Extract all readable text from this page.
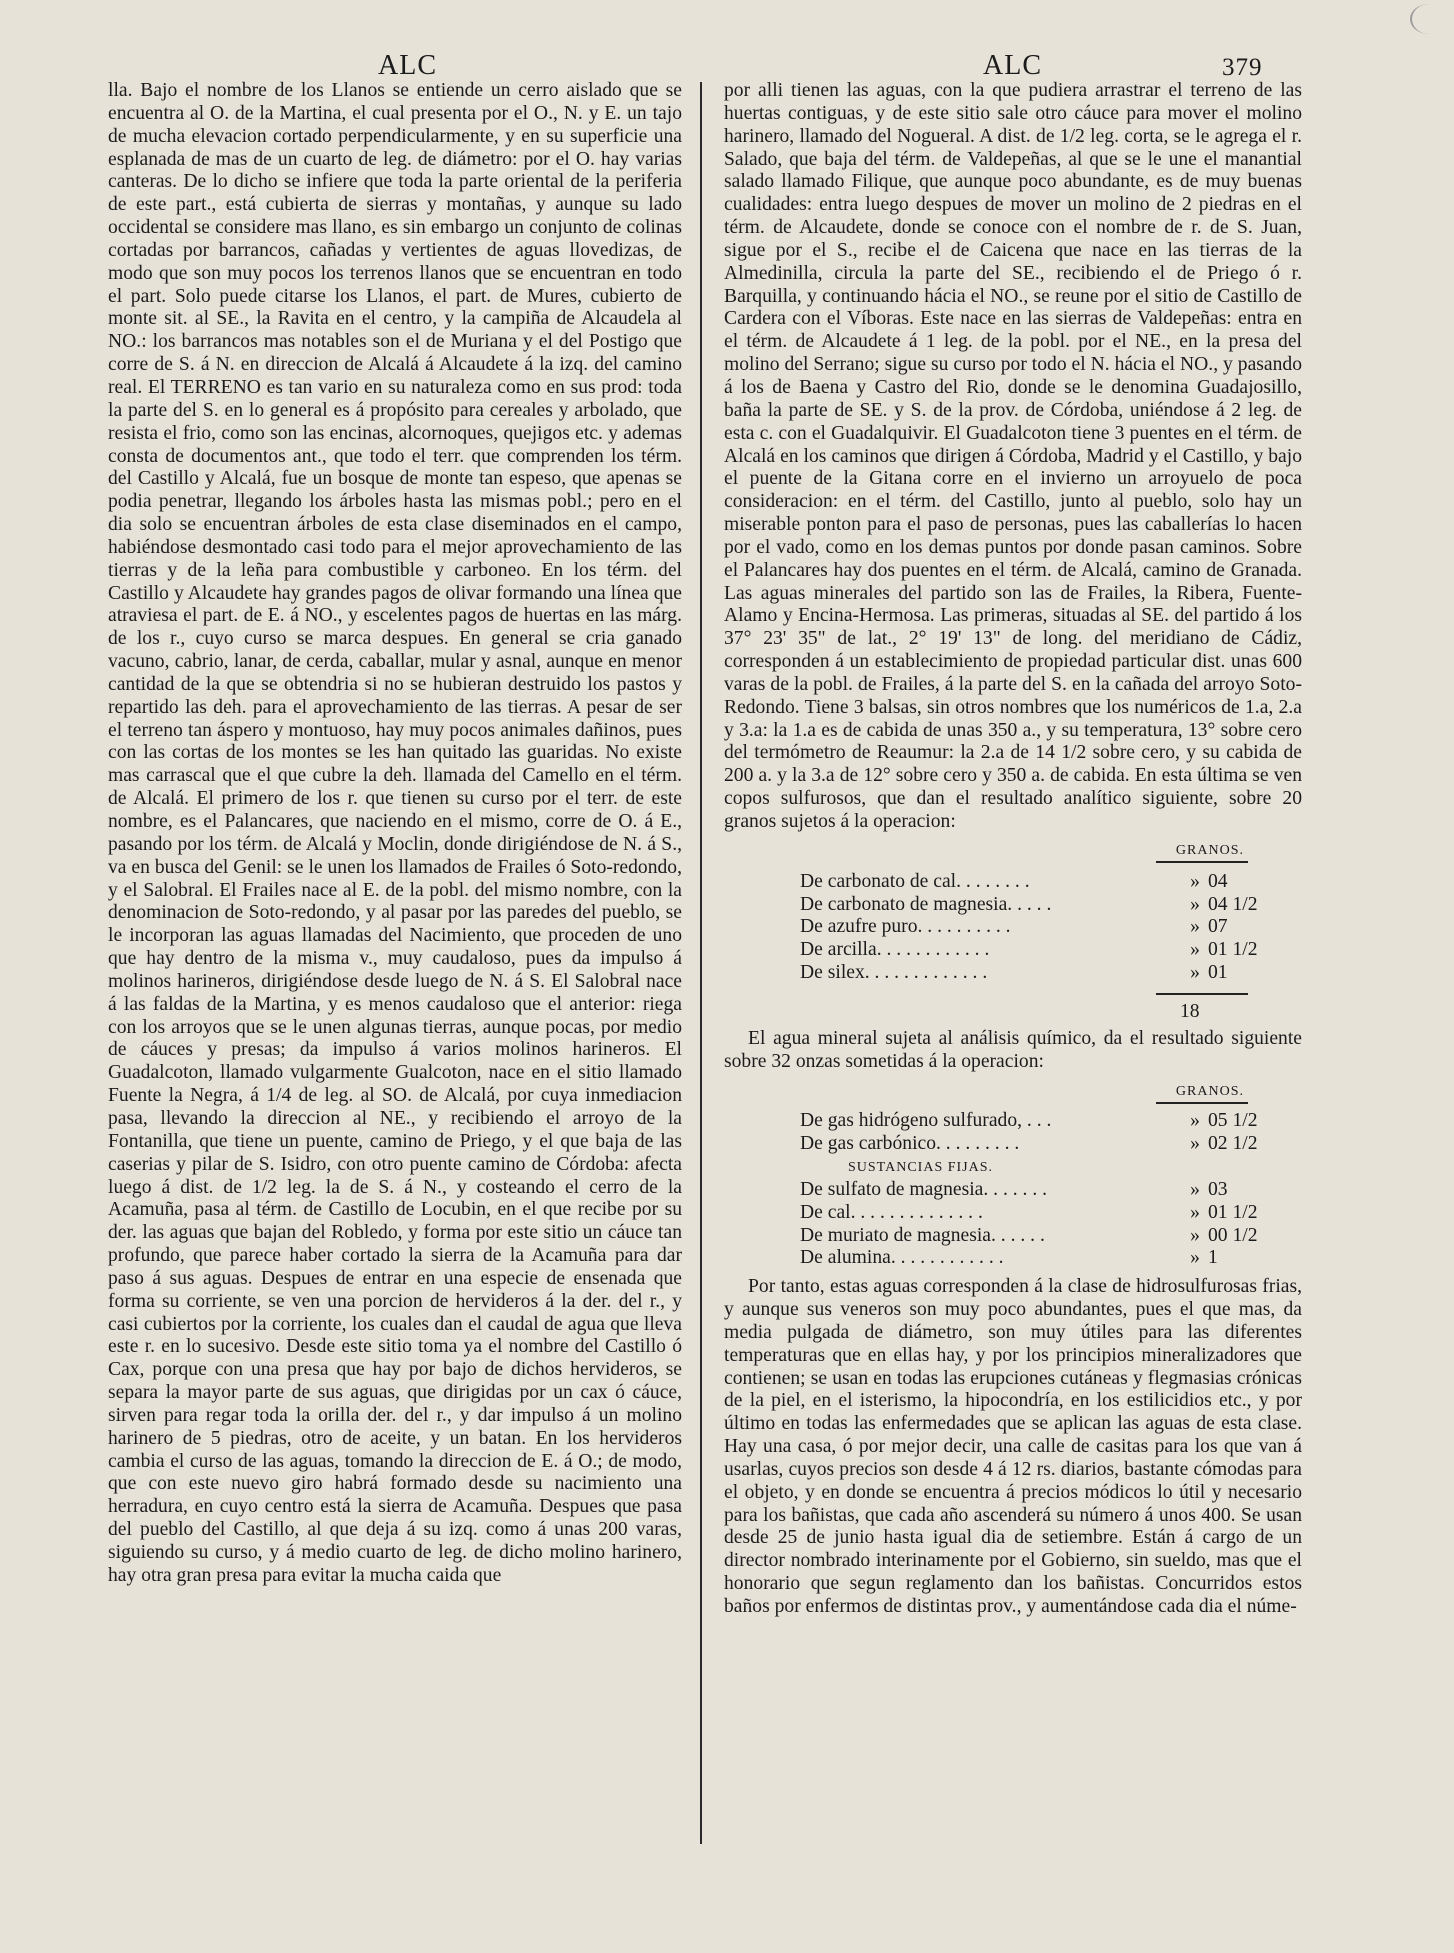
ALC	ALC	379

lla. Bajo el nombre de los Llanos se entiende un cerro aislado que se encuentra al O. de la Martina, el cual presenta por el O., N. y E. un tajo de mucha elevacion cortado perpendicularmente, y en su superficie una esplanada de mas de un cuarto de leg. de diámetro: por el O. hay varias canteras. De lo dicho se infiere que toda la parte oriental de la periferia de este part., está cubierta de sierras y montañas, y aunque su lado occidental se considere mas llano, es sin embargo un conjunto de colinas cortadas por barrancos, cañadas y vertientes de aguas llovedizas, de modo que son muy pocos los terrenos llanos que se encuentran en todo el part. Solo puede citarse los Llanos, el part. de Mures, cubierto de monte sit. al SE., la Ravita en el centro, y la campiña de Alcaudela al NO.: los barrancos mas notables son el de Muriana y el del Postigo que corre de S. á N. en direccion de Alcalá á Alcaudete á la izq. del camino real. El TERRENO es tan vario en su naturaleza como en sus prod: toda la parte del S. en lo general es á propósito para cereales y arbolado, que resista el frio, como son las encinas, alcornoques, quejigos etc. y ademas consta de documentos ant., que todo el terr. que comprenden los térm. del Castillo y Alcalá, fue un bosque de monte tan espeso, que apenas se podia penetrar, llegando los árboles hasta las mismas pobl.; pero en el dia solo se encuentran árboles de esta clase diseminados en el campo, habiéndose desmontado casi todo para el mejor aprovechamiento de las tierras y de la leña para combustible y carboneo. En los térm. del Castillo y Alcaudete hay grandes pagos de olivar formando una línea que atraviesa el part. de E. á NO., y escelentes pagos de huertas en las márg. de los r., cuyo curso se marca despues. En general se cria ganado vacuno, cabrio, lanar, de cerda, caballar, mular y asnal, aunque en menor cantidad de la que se obtendria si no se hubieran destruido los pastos y repartido las deh. para el aprovechamiento de las tierras. A pesar de ser el terreno tan áspero y montuoso, hay muy pocos animales dañinos, pues con las cortas de los montes se les han quitado las guaridas. No existe mas carrascal que el que cubre la deh. llamada del Camello en el térm. de Alcalá. El primero de los r. que tienen su curso por el terr. de este nombre, es el Palancares, que naciendo en el mismo, corre de O. á E., pasando por los térm. de Alcalá y Moclin, donde dirigiéndose de N. á S., va en busca del Genil: se le unen los llamados de Frailes ó Soto-redondo, y el Salobral. El Frailes nace al E. de la pobl. del mismo nombre, con la denominacion de Soto-redondo, y al pasar por las paredes del pueblo, se le incorporan las aguas llamadas del Nacimiento, que proceden de uno que hay dentro de la misma v., muy caudaloso, pues da impulso á molinos harineros, dirigiéndose desde luego de N. á S. El Salobral nace á las faldas de la Martina, y es menos caudaloso que el anterior: riega con los arroyos que se le unen algunas tierras, aunque pocas, por medio de cáuces y presas; da impulso á varios molinos harineros. El Guadalcoton, llamado vulgarmente Gualcoton, nace en el sitio llamado Fuente la Negra, á 1/4 de leg. al SO. de Alcalá, por cuya inmediacion pasa, llevando la direccion al NE., y recibiendo el arroyo de la Fontanilla, que tiene un puente, camino de Priego, y el que baja de las caserias y pilar de S. Isidro, con otro puente camino de Córdoba: afecta luego á dist. de 1/2 leg. la de S. á N., y costeando el cerro de la Acamuña, pasa al térm. de Castillo de Locubin, en el que recibe por su der. las aguas que bajan del Robledo, y forma por este sitio un cáuce tan profundo, que parece haber cortado la sierra de la Acamuña para dar paso á sus aguas. Despues de entrar en una especie de ensenada que forma su corriente, se ven una porcion de hervideros á la der. del r., y casi cubiertos por la corriente, los cuales dan el caudal de agua que lleva este r. en lo sucesivo. Desde este sitio toma ya el nombre del Castillo ó Cax, porque con una presa que hay por bajo de dichos hervideros, se separa la mayor parte de sus aguas, que dirigidas por un cax ó cáuce, sirven para regar toda la orilla der. del r., y dar impulso á un molino harinero de 5 piedras, otro de aceite, y un batan. En los hervideros cambia el curso de las aguas, tomando la direccion de E. á O.; de modo, que con este nuevo giro habrá formado desde su nacimiento una herradura, en cuyo centro está la sierra de Acamuña. Despues que pasa del pueblo del Castillo, al que deja á su izq. como á unas 200 varas, siguiendo su curso, y á medio cuarto de leg. de dicho molino harinero, hay otra gran presa para evitar la mucha caida que

por alli tienen las aguas, con la que pudiera arrastrar el terreno de las huertas contiguas, y de este sitio sale otro cáuce para mover el molino harinero, llamado del Nogueral. A dist. de 1/2 leg. corta, se le agrega el r. Salado, que baja del térm. de Valdepeñas, al que se le une el manantial salado llamado Filique, que aunque poco abundante, es de muy buenas cualidades: entra luego despues de mover un molino de 2 piedras en el térm. de Alcaudete, donde se conoce con el nombre de r. de S. Juan, sigue por el S., recibe el de Caicena que nace en las tierras de la Almedinilla, circula la parte del SE., recibiendo el de Priego ó r. Barquilla, y continuando hácia el NO., se reune por el sitio de Castillo de Cardera con el Víboras. Este nace en las sierras de Valdepeñas: entra en el térm. de Alcaudete á 1 leg. de la pobl. por el NE., en la presa del molino del Serrano; sigue su curso por todo el N. hácia el NO., y pasando á los de Baena y Castro del Rio, donde se le denomina Guadajosillo, baña la parte de SE. y S. de la prov. de Córdoba, uniéndose á 2 leg. de esta c. con el Guadalquivir. El Guadalcoton tiene 3 puentes en el térm. de Alcalá en los caminos que dirigen á Córdoba, Madrid y el Castillo, y bajo el puente de la Gitana corre en el invierno un arroyuelo de poca consideracion: en el térm. del Castillo, junto al pueblo, solo hay un miserable ponton para el paso de personas, pues las caballerías lo hacen por el vado, como en los demas puntos por donde pasan caminos. Sobre el Palancares hay dos puentes en el térm. de Alcalá, camino de Granada. Las aguas minerales del partido son las de Frailes, la Ribera, Fuente-Alamo y Encina-Hermosa. Las primeras, situadas al SE. del partido á los 37° 23' 35" de lat., 2° 19' 13" de long. del meridiano de Cádiz, corresponden á un establecimiento de propiedad particular dist. unas 600 varas de la pobl. de Frailes, á la parte del S. en la cañada del arroyo Soto-Redondo. Tiene 3 balsas, sin otros nombres que los numéricos de 1.a, 2.a y 3.a: la 1.a es de cabida de unas 350 a., y su temperatura, 13° sobre cero del termómetro de Reaumur: la 2.a de 14 1/2 sobre cero, y su cabida de 200 a. y la 3.a de 12° sobre cero y 350 a. de cabida. En esta última se ven copos sulfurosos, que dan el resultado analítico siguiente, sobre 20 granos sujetos á la operacion:

GRANOS.
De carbonato de cal. . . . . . . .	» 04
De carbonato de magnesia. . . . .	» 04 1/2
De azufre puro. . . . . . . . . .	» 07
De arcilla. . . . . . . . . . . .	» 01 1/2
De silex. . . . . . . . . . . . .	» 01
18

El agua mineral sujeta al análisis químico, da el resultado siguiente sobre 32 onzas sometidas á la operacion:

GRANOS.
De gas hidrógeno sulfurado, . . .	» 05 1/2
De gas carbónico. . . . . . . . .	» 02 1/2
SUSTANCIAS FIJAS.
De sulfato de magnesia. . . . . . .	» 03
De cal. . . . . . . . . . . . . .	» 01 1/2
De muriato de magnesia. . . . . .	» 00 1/2
De alumina. . . . . . . . . . . .	» 1

Por tanto, estas aguas corresponden á la clase de hidrosulfurosas frias, y aunque sus veneros son muy poco abundantes, pues el que mas, da media pulgada de diámetro, son muy útiles para las diferentes temperaturas que en ellas hay, y por los principios mineralizadores que contienen; se usan en todas las erupciones cutáneas y flegmasias crónicas de la piel, en el isterismo, la hipocondría, en los estilicidios etc., y por último en todas las enfermedades que se aplican las aguas de esta clase. Hay una casa, ó por mejor decir, una calle de casitas para los que van á usarlas, cuyos precios son desde 4 á 12 rs. diarios, bastante cómodas para el objeto, y en donde se encuentra á precios módicos lo útil y necesario para los bañistas, que cada año ascenderá su número á unos 400. Se usan desde 25 de junio hasta igual dia de setiembre. Están á cargo de un director nombrado interinamente por el Gobierno, sin sueldo, mas que el honorario que segun reglamento dan los bañistas. Concurridos estos baños por enfermos de distintas prov., y aumentándose cada dia el núme-
